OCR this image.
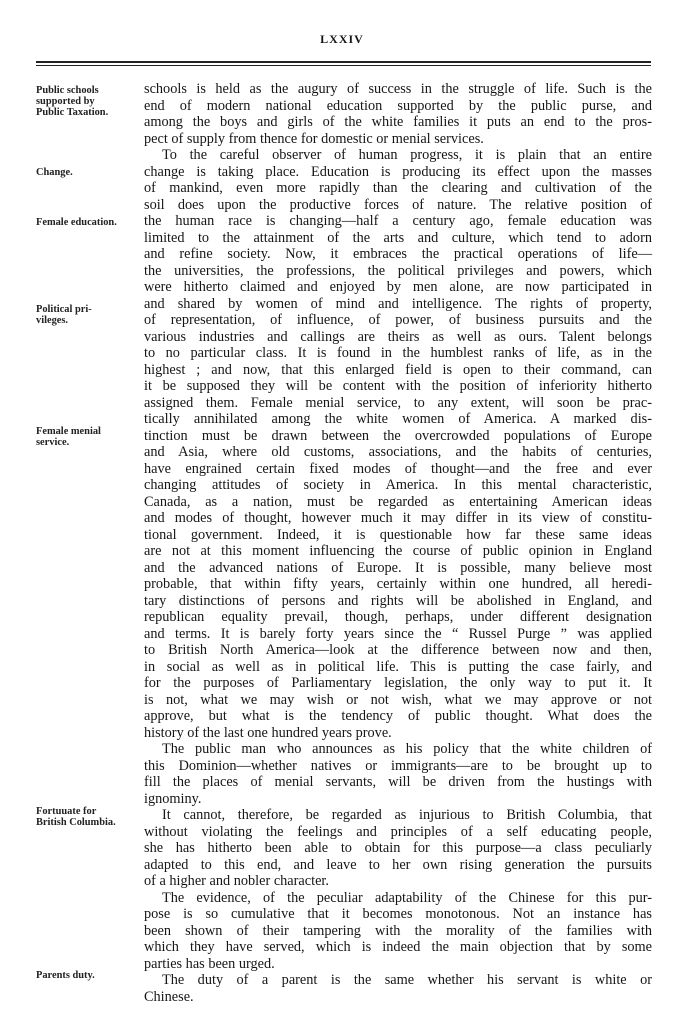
LXXIV
Public schools
supported by
Public Taxation.
Change.
Female education.
Political pri-
vileges.
Female menial
service.
Fortuuate for
British Columbia.
Parents duty.
schools is held as the augury of success in the struggle of life. Such is the
end of modern national education supported by the public purse, and
among the boys and girls of the white families it puts an end to the pros-
pect of supply from thence for domestic or menial services.
To the careful observer of human progress, it is plain that an entire
change is taking place. Education is producing its effect upon the masses
of mankind, even more rapidly than the clearing and cultivation of the
soil does upon the productive forces of nature. The relative position of
the human race is changing—half a century ago, female education was
limited to the attainment of the arts and culture, which tend to adorn
and refine society. Now, it embraces the practical operations of life—
the universities, the professions, the political privileges and powers, which
were hitherto claimed and enjoyed by men alone, are now participated in
and shared by women of mind and intelligence. The rights of property,
of representation, of influence, of power, of business pursuits and the
various industries and callings are theirs as well as ours. Talent belongs
to no particular class. It is found in the humblest ranks of life, as in the
highest ; and now, that this enlarged field is open to their command, can
it be supposed they will be content with the position of inferiority hitherto
assigned them. Female menial service, to any extent, will soon be prac-
tically annihilated among the white women of America. A marked dis-
tinction must be drawn between the overcrowded populations of Europe
and Asia, where old customs, associations, and the habits of centuries,
have engrained certain fixed modes of thought—and the free and ever
changing attitudes of society in America. In this mental characteristic,
Canada, as a nation, must be regarded as entertaining American ideas
and modes of thought, however much it may differ in its view of constitu-
tional government. Indeed, it is questionable how far these same ideas
are not at this moment influencing the course of public opinion in England
and the advanced nations of Europe. It is possible, many believe most
probable, that within fifty years, certainly within one hundred, all heredi-
tary distinctions of persons and rights will be abolished in England, and
republican equality prevail, though, perhaps, under different designation
and terms. It is barely forty years since the “ Russel Purge ” was applied
to British North America—look at the difference between now and then,
in social as well as in political life. This is putting the case fairly, and
for the purposes of Parliamentary legislation, the only way to put it. It
is not, what we may wish or not wish, what we may approve or not
approve, but what is the tendency of public thought. What does the
history of the last one hundred years prove.
The public man who announces as his policy that the white children of
this Dominion—whether natives or immigrants—are to be brought up to
fill the places of menial servants, will be driven from the hustings with
ignominy.
It cannot, therefore, be regarded as injurious to British Columbia, that
without violating the feelings and principles of a self educating people,
she has hitherto been able to obtain for this purpose—a class peculiarly
adapted to this end, and leave to her own rising generation the pursuits
of a higher and nobler character.
The evidence, of the peculiar adaptability of the Chinese for this pur-
pose is so cumulative that it becomes monotonous. Not an instance has
been shown of their tampering with the morality of the families with
which they have served, which is indeed the main objection that by some
parties has been urged.
The duty of a parent is the same whether his servant is white or
Chinese.
